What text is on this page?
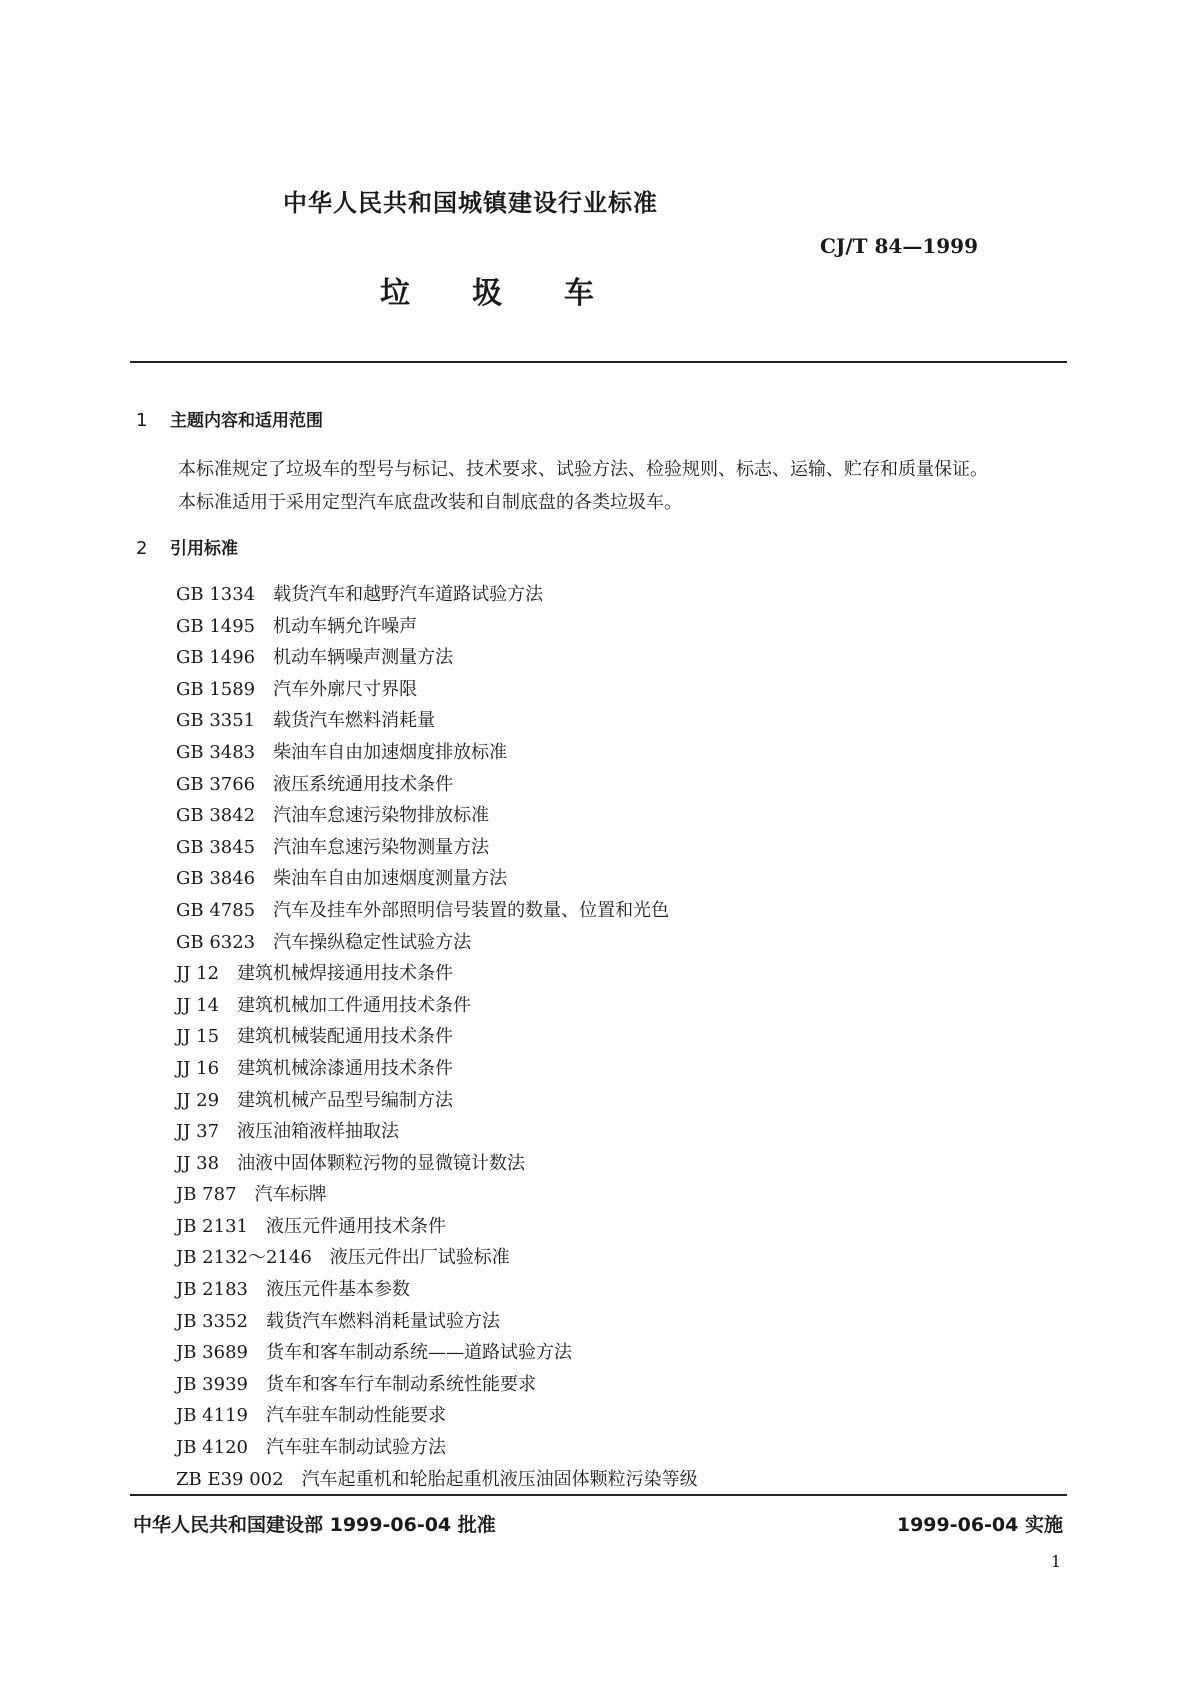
中华人民共和国城镇建设行业标准
CJ/T 84—1999
垃圾车
1 主题内容和适用范围
本标准规定了垃圾车的型号与标记、技术要求、试验方法、检验规则、标志、运输、贮存和质量保证。
本标准适用于采用定型汽车底盘改装和自制底盘的各类垃圾车。
2 引用标准
GB 1334 载货汽车和越野汽车道路试验方法
GB 1495 机动车辆允许噪声
GB 1496 机动车辆噪声测量方法
GB 1589 汽车外廓尺寸界限
GB 3351 载货汽车燃料消耗量
GB 3483 柴油车自由加速烟度排放标准
GB 3766 液压系统通用技术条件
GB 3842 汽油车怠速污染物排放标准
GB 3845 汽油车怠速污染物测量方法
GB 3846 柴油车自由加速烟度测量方法
GB 4785 汽车及挂车外部照明信号装置的数量、位置和光色
GB 6323 汽车操纵稳定性试验方法
JJ 12 建筑机械焊接通用技术条件
JJ 14 建筑机械加工件通用技术条件
JJ 15 建筑机械装配通用技术条件
JJ 16 建筑机械涂漆通用技术条件
JJ 29 建筑机械产品型号编制方法
JJ 37 液压油箱液样抽取法
JJ 38 油液中固体颗粒污物的显微镜计数法
JB 787 汽车标牌
JB 2131 液压元件通用技术条件
JB 2132～2146 液压元件出厂试验标准
JB 2183 液压元件基本参数
JB 3352 载货汽车燃料消耗量试验方法
JB 3689 货车和客车制动系统——道路试验方法
JB 3939 货车和客车行车制动系统性能要求
JB 4119 汽车驻车制动性能要求
JB 4120 汽车驻车制动试验方法
ZB E39 002 汽车起重机和轮胎起重机液压油固体颗粒污染等级
中华人民共和国建设部 1999-06-04 批准	1999-06-04 实施
1
